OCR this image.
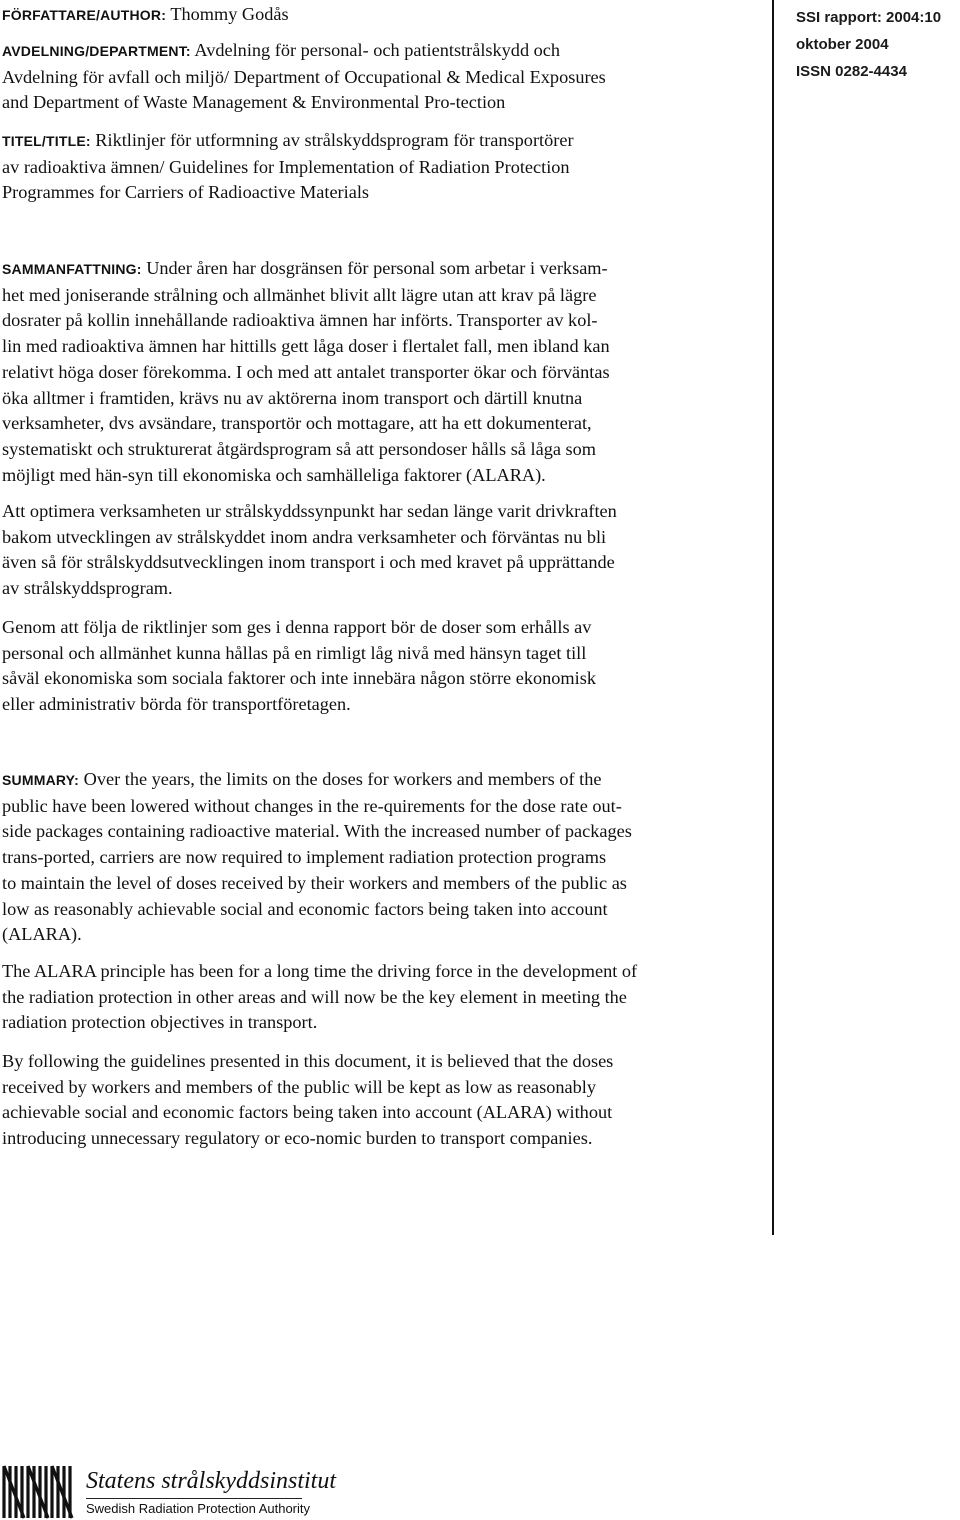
FÖRFATTARE/AUTHOR: Thommy Godås
AVDELNING/DEPARTMENT: Avdelning för personal- och patientstrålskydd och
Avdelning för avfall och miljö/ Department of Occupational & Medical Exposures
and Department of Waste Management & Environmental Pro-tection
TITEL/TITLE: Riktlinjer för utformning av strålskyddsprogram för transportörer
av radioaktiva ämnen/ Guidelines for Implementation of Radiation Protection
Programmes for Carriers of Radioactive Materials
SSI rapport: 2004:10
oktober 2004
ISSN 0282-4434
SAMMANFATTNING: Under åren har dosgränsen för personal som arbetar i verksam-
het med joniserande strålning och allmänhet blivit allt lägre utan att krav på lägre
dosrater på kollin innehållande radioaktiva ämnen har införts. Transporter av kol-
lin med radioaktiva ämnen har hittills gett låga doser i flertalet fall, men ibland kan
relativt höga doser förekomma. I och med att antalet transporter ökar och förväntas
öka alltmer i framtiden, krävs nu av aktörerna inom transport och därtill knutna
verksamheter, dvs avsändare, transportör och mottagare, att ha ett dokumenterat,
systematiskt och strukturerat åtgärdsprogram så att persondoser hålls så låga som
möjligt med hän-syn till ekonomiska och samhälleliga faktorer (ALARA).
Att optimera verksamheten ur strålskyddssynpunkt har sedan länge varit drivkraften
bakom utvecklingen av strålskyddet inom andra verksamheter och förväntas nu bli
även så för strålskyddsutvecklingen inom transport i och med kravet på upprättande
av strålskyddsprogram.
Genom att följa de riktlinjer som ges i denna rapport bör de doser som erhålls av
personal och allmänhet kunna hållas på en rimligt låg nivå med hänsyn taget till
såväl ekonomiska som sociala faktorer och inte innebära någon större ekonomisk
eller administrativ börda för transportföretagen.
SUMMARY: Over the years, the limits on the doses for workers and members of the
public have been lowered without changes in the re-quirements for the dose rate out-
side packages containing radioactive material. With the increased number of packages
trans-ported, carriers are now required to implement radiation protection programs
to maintain the level of doses received by their workers and members of the public as
low as reasonably achievable social and economic factors being taken into account
(ALARA).
The ALARA principle has been for a long time the driving force in the development of
the radiation protection in other areas and will now be the key element in meeting the
radiation protection objectives in transport.
By following the guidelines presented in this document, it is believed that the doses
received by workers and members of the public will be kept as low as reasonably
achievable social and economic factors being taken into account (ALARA) without
introducing unnecessary regulatory or eco-nomic burden to transport companies.
Statens strålskyddsinstitut
Swedish Radiation Protection Authority
